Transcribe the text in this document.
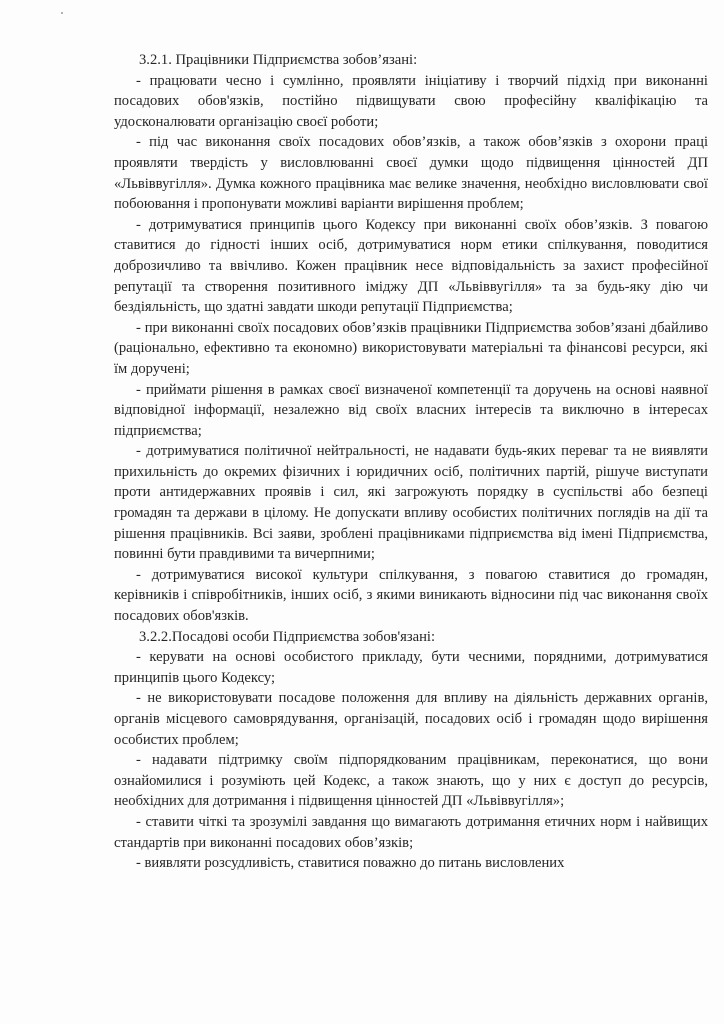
3.2.1. Працівники Підприємства зобов’язані:

- працювати чесно і сумлінно, проявляти ініціативу і творчий підхід при виконанні посадових обов'язків, постійно підвищувати свою професійну кваліфікацію та удосконалювати організацію своєї роботи;

- під час виконання своїх посадових обов’язків, а також обов’язків з охорони праці проявляти твердість у висловлюванні своєї думки щодо підвищення цінностей ДП «Львіввугілля». Думка кожного працівника має велике значення, необхідно висловлювати свої побоювання і пропонувати можливі варіанти вирішення проблем;

- дотримуватися принципів цього Кодексу при виконанні своїх обов’язків. З повагою ставитися до гідності інших осіб, дотримуватися норм етики спілкування, поводитися доброзичливо та ввічливо. Кожен працівник несе відповідальність за захист професійної репутації та створення позитивного іміджу ДП «Львіввугілля» та за будь-яку дію чи бездіяльність, що здатні завдати шкоди репутації Підприємства;

- при виконанні своїх посадових обов’язків працівники Підприємства зобов’язані дбайливо (раціонально, ефективно та економно) використовувати матеріальні та фінансові ресурси, які їм доручені;

- приймати рішення в рамках своєї визначеної компетенції та доручень на основі наявної відповідної інформації, незалежно від своїх власних інтересів та виключно в інтересах підприємства;

- дотримуватися політичної нейтральності, не надавати будь-яких переваг та не виявляти прихильність до окремих фізичних і юридичних осіб, політичних партій, рішуче виступати проти антидержавних проявів і сил, які загрожують порядку в суспільстві або безпеці громадян та держави в цілому. Не допускати впливу особистих політичних поглядів на дії та рішення працівників. Всі заяви, зроблені працівниками підприємства від імені Підприємства, повинні бути правдивими та вичерпними;

- дотримуватися високої культури спілкування, з повагою ставитися до громадян, керівників і співробітників, інших осіб, з якими виникають відносини під час виконання своїх посадових обов'язків.

3.2.2.Посадові особи Підприємства зобов'язані:

- керувати на основі особистого прикладу, бути чесними, порядними, дотримуватися принципів цього Кодексу;

- не використовувати посадове положення для впливу на діяльність державних органів, органів місцевого самоврядування, організацій, посадових осіб і громадян щодо вирішення особистих проблем;

- надавати підтримку своїм підпорядкованим працівникам, переконатися, що вони ознайомилися і розуміють цей Кодекс, а також знають, що у них є доступ до ресурсів, необхідних для дотримання і підвищення цінностей ДП «Львіввугілля»;

- ставити чіткі та зрозумілі завдання що вимагають дотримання етичних норм і найвищих стандартів при виконанні посадових обов’язків;

- виявляти розсудливість, ставитися поважно до питань висловлених
